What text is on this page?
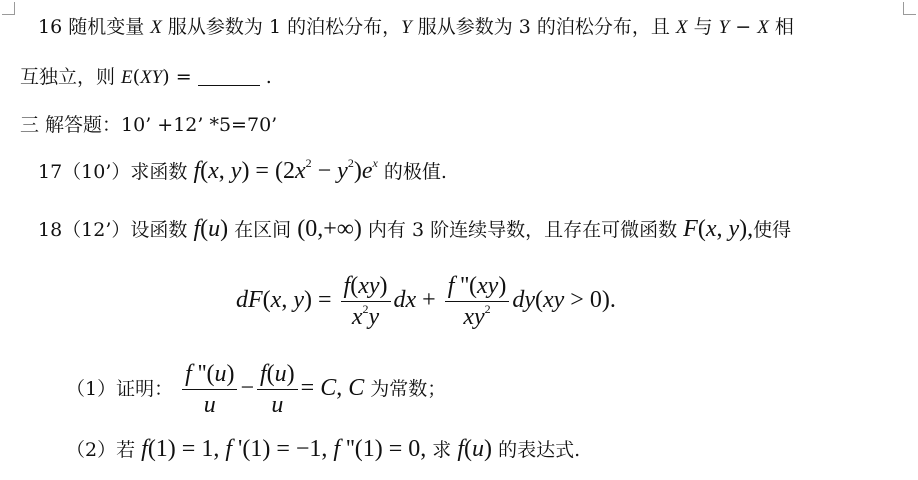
16 随机变量 X 服从参数为 1 的泊松分布，Y 服从参数为 3 的泊松分布，且 X 与 Y − X 相
互独立，则 E(XY) =	.
三 解答题：10’ +12’ *5=70’
17（10’）求函数 f(x, $y) = (2x^2 - y^2)e^x$ 的极值.
18（12’）设函数 f(u) 在区间 (0,+∞) 内有 3 阶连续导数，且存在可微函数 F(x, y),使得
dF(x, $y) = \frac{f(xy)}{x^2y}$ dx + $\frac{f ''(xy)}{xy^2} dy(xy > 0)$.
（1）证明： $\frac{f ''(u)}{u} - \frac{f(u)}{u} = C$, C 为常数；
（2）若 f(1) = 1, f '(1) = −1, f ''(1) = 0, 求 f(u) 的表达式.
